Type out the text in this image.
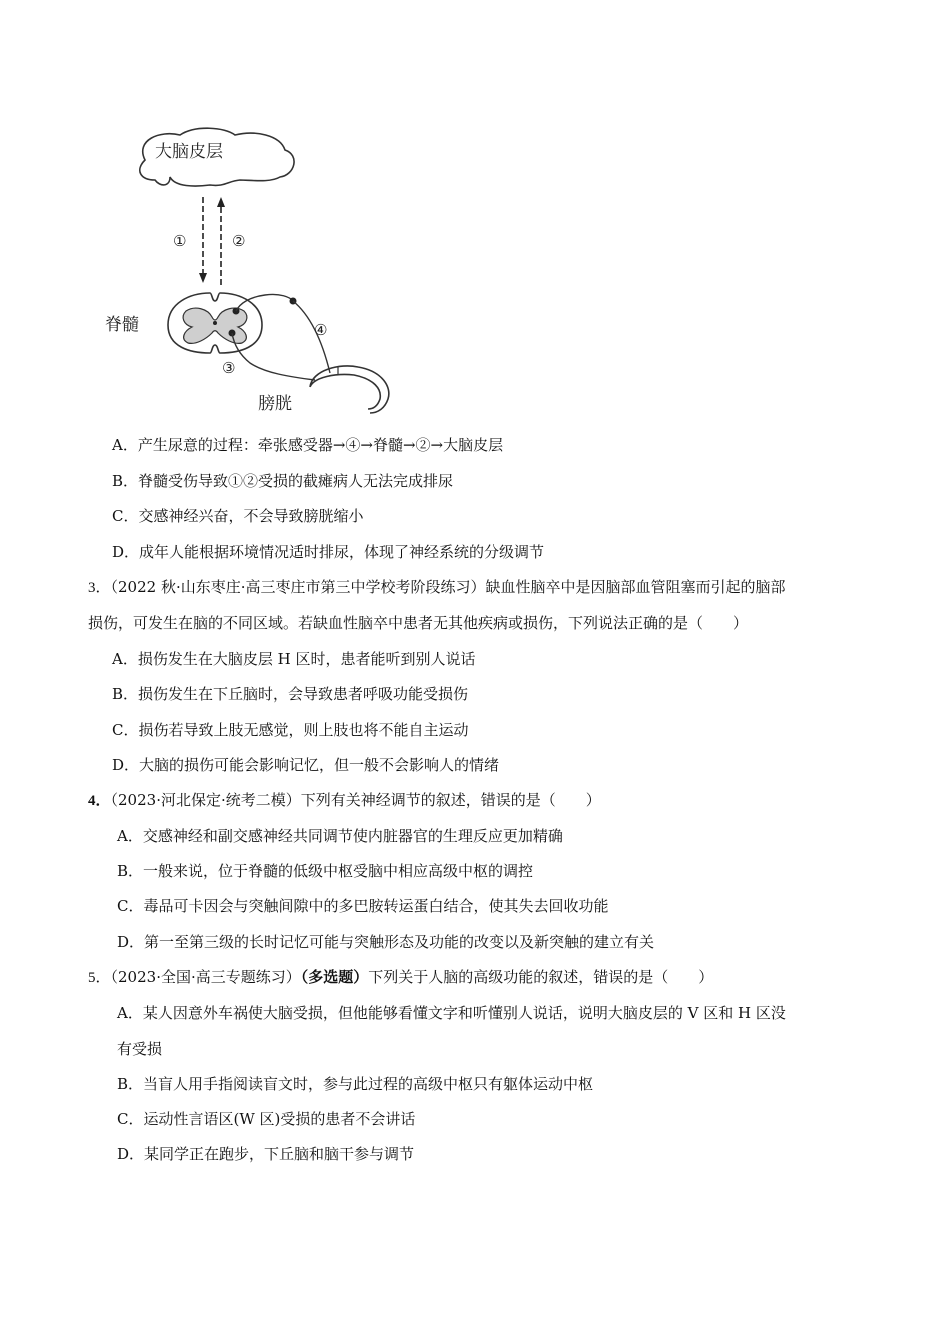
大脑皮层
①	②
脊髓	④
③
膀胱
A．产生尿意的过程：牵张感受器→④→脊髓→②→大脑皮层
B．脊髓受伤导致①②受损的截瘫病人无法完成排尿
C．交感神经兴奋，不会导致膀胱缩小
D．成年人能根据环境情况适时排尿，体现了神经系统的分级调节
3．（2022 秋·山东枣庄·高三枣庄市第三中学校考阶段练习）缺血性脑卒中是因脑部血管阻塞而引起的脑部
损伤，可发生在脑的不同区域。若缺血性脑卒中患者无其他疾病或损伤，下列说法正确的是（　　）
A．损伤发生在大脑皮层 H 区时，患者能听到别人说话
B．损伤发生在下丘脑时，会导致患者呼吸功能受损伤
C．损伤若导致上肢无感觉，则上肢也将不能自主运动
D．大脑的损伤可能会影响记忆，但一般不会影响人的情绪
4．（2023·河北保定·统考二模）下列有关神经调节的叙述，错误的是（　　）
A．交感神经和副交感神经共同调节使内脏器官的生理反应更加精确
B．一般来说，位于脊髓的低级中枢受脑中相应高级中枢的调控
C．毒品可卡因会与突触间隙中的多巴胺转运蛋白结合，使其失去回收功能
D．第一至第三级的长时记忆可能与突触形态及功能的改变以及新突触的建立有关
5．（2023·全国·高三专题练习）（多选题）下列关于人脑的高级功能的叙述，错误的是（　　）
A．某人因意外车祸使大脑受损，但他能够看懂文字和听懂别人说话，说明大脑皮层的 V 区和 H 区没
有受损
B．当盲人用手指阅读盲文时，参与此过程的高级中枢只有躯体运动中枢
C．运动性言语区(W 区)受损的患者不会讲话
D．某同学正在跑步，下丘脑和脑干参与调节
